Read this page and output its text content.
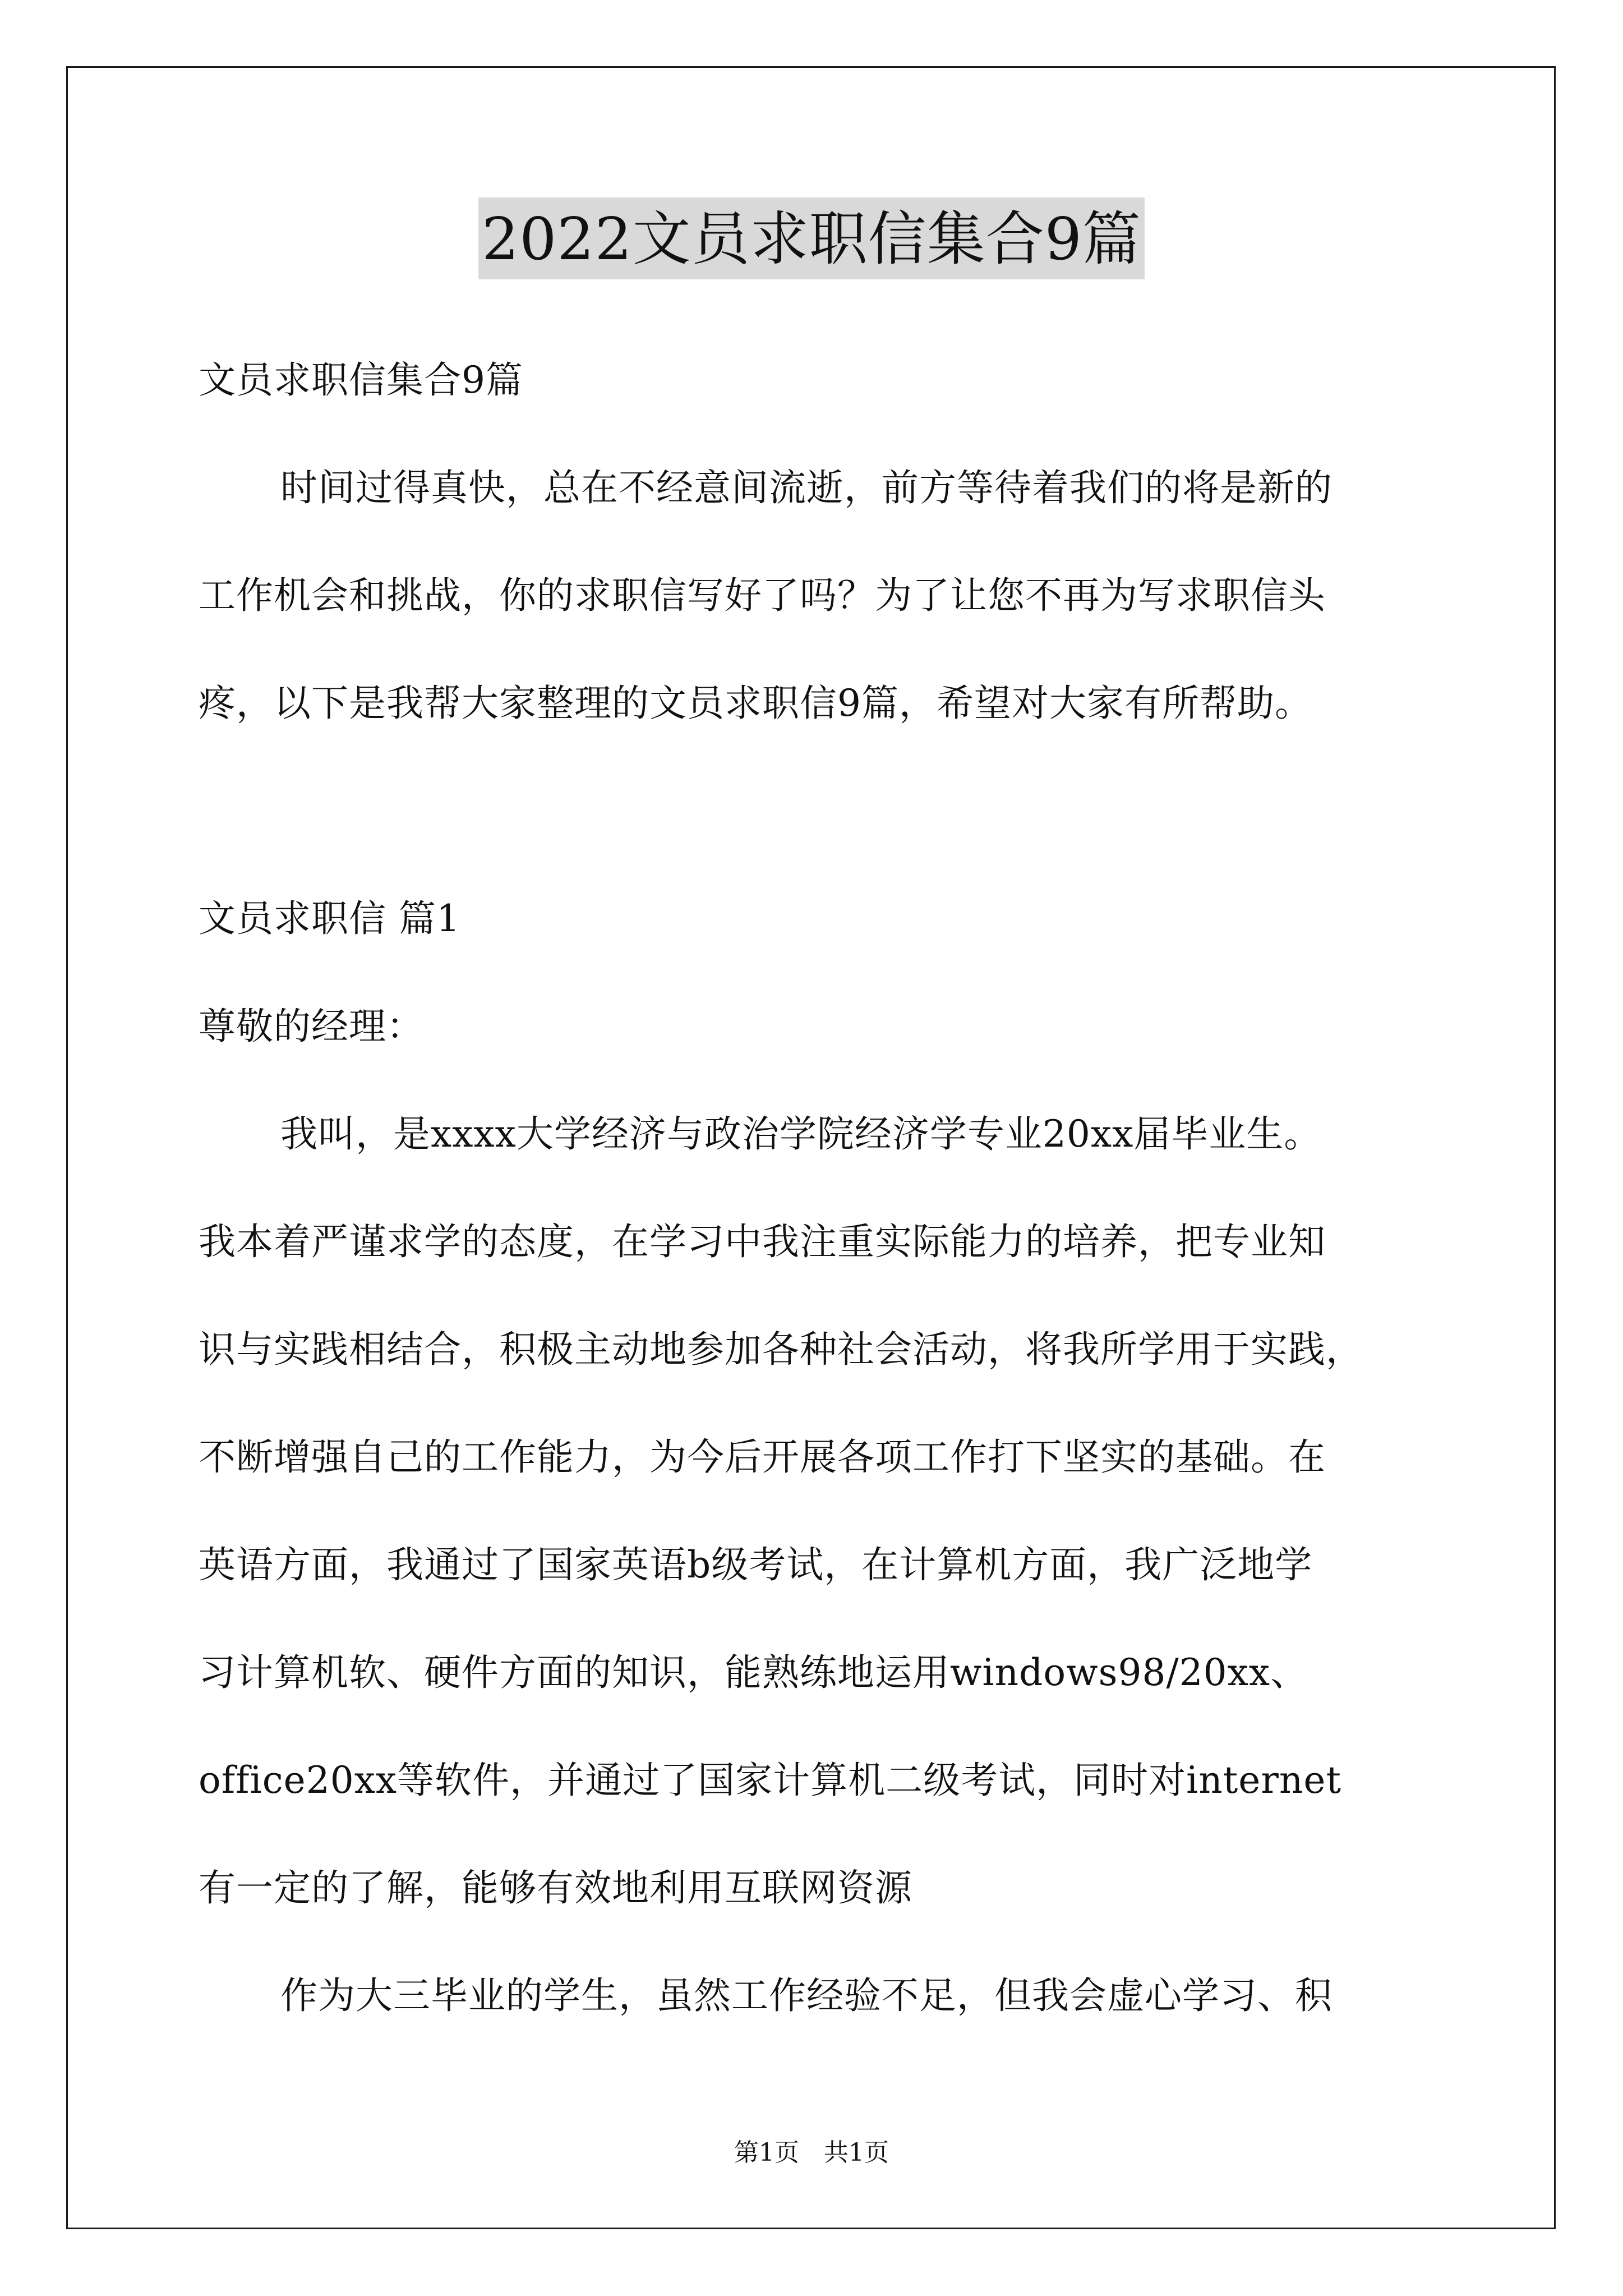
2022文员求职信集合9篇
文员求职信集合9篇
时间过得真快，总在不经意间流逝，前方等待着我们的将是新的
工作机会和挑战，你的求职信写好了吗？为了让您不再为写求职信头
疼，以下是我帮大家整理的文员求职信9篇，希望对大家有所帮助。
文员求职信 篇1
尊敬的经理：
我叫，是xxxx大学经济与政治学院经济学专业20xx届毕业生。
我本着严谨求学的态度，在学习中我注重实际能力的培养，把专业知
识与实践相结合，积极主动地参加各种社会活动，将我所学用于实践，
不断增强自己的工作能力，为今后开展各项工作打下坚实的基础。在
英语方面，我通过了国家英语b级考试，在计算机方面，我广泛地学
习计算机软、硬件方面的知识，能熟练地运用windows98/20xx、
office20xx等软件，并通过了国家计算机二级考试，同时对internet
有一定的了解，能够有效地利用互联网资源
作为大三毕业的学生，虽然工作经验不足，但我会虚心学习、积
第1页　共1页
